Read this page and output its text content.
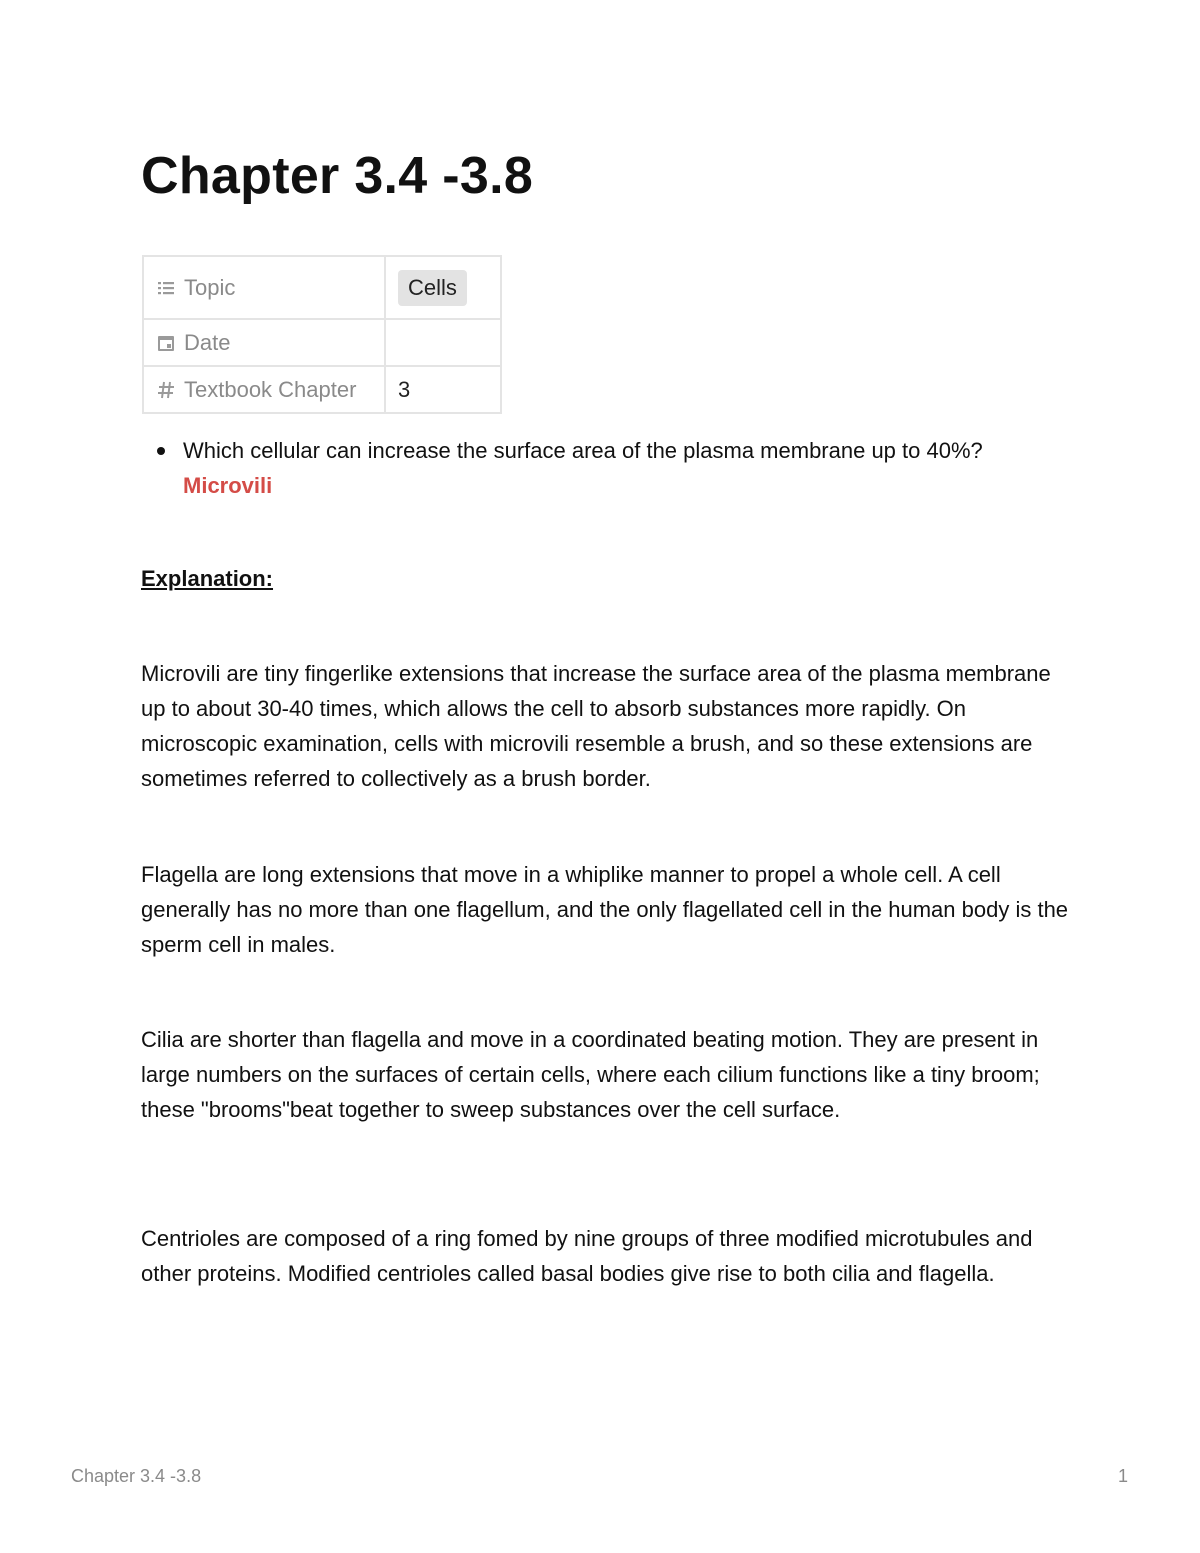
Chapter 3.4 -3.8
Topic	Cells
Date	
Textbook Chapter	3
Which cellular can increase the surface area of the plasma membrane up to 40%?
Microvili
Explanation:

Microvili are tiny fingerlike extensions that increase the surface area of the plasma membrane up to about 30-40 times, which allows the cell to absorb substances more rapidly. On microscopic examination, cells with microvili resemble a brush, and so these extensions are sometimes referred to collectively as a brush border.

Flagella are long extensions that move in a whiplike manner to propel a whole cell. A cell generally has no more than one flagellum, and the only flagellated cell in the human body is the sperm cell in males.

Cilia are shorter than flagella and move in a coordinated beating motion. They are present in large numbers on the surfaces of certain cells, where each cilium functions like a tiny broom; these "brooms"beat together to sweep substances over the cell surface.

Centrioles are composed of a ring fomed by nine groups of three modified microtubules and other proteins. Modified centrioles called basal bodies give rise to both cilia and flagella.

Chapter 3.4 -3.8	1
